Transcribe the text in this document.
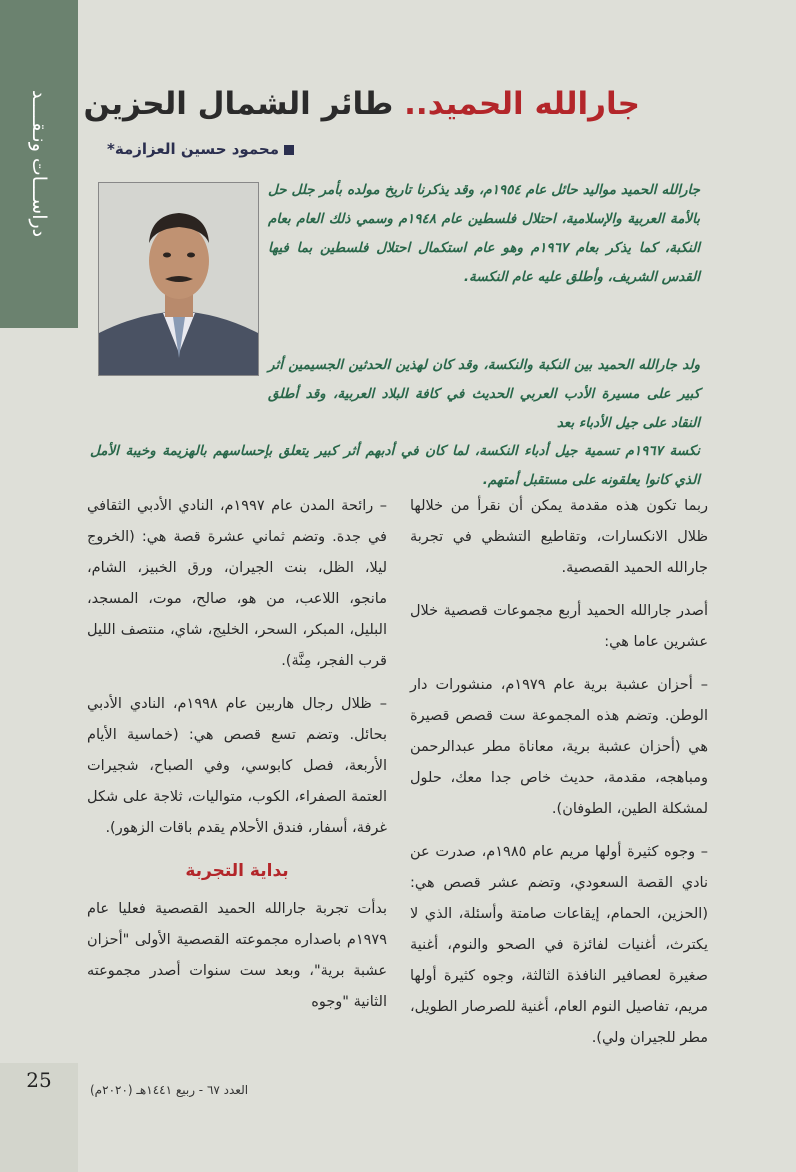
دراســـات ونـقــــد	جارالله الحميد.. طائر الشمال الحزين
محمود حسين العزازمة*

جارالله الحميد مواليد حائل عام ١٩٥٤م، وقد يذكرنا تاريخ مولده بأمر جلل حل بالأمة العربية والإسلامية، احتلال فلسطين عام ١٩٤٨م وسمي ذلك العام بعام النكبة، كما يذكر بعام ١٩٦٧م وهو عام استكمال احتلال فلسطين بما فيها القدس الشريف، وأطلق عليه عام النكسة.

ولد جارالله الحميد بين النكبة والنكسة، وقد كان لهذين الحدثين الجسيمين أثر كبير على مسيرة الأدب العربي الحديث في كافة البلاد العربية، وقد أطلق النقاد على جيل الأدباء بعد

نكسة ١٩٦٧م تسمية جيل أدباء النكسة، لما كان في أدبهم أثر كبير يتعلق بإحساسهم بالهزيمة وخيبة الأمل الذي كانوا يعلقونه على مستقبل أمتهم.

ربما تكون هذه مقدمة يمكن أن نقرأ من خلالها ظلال الانكسارات، وتقاطيع التشظي في تجربة جارالله الحميد القصصية.

أصدر جارالله الحميد أربع مجموعات قصصية خلال عشرين عاما هي:

– أحزان عشبة برية عام ١٩٧٩م، منشورات دار الوطن. وتضم هذه المجموعة ست قصص قصيرة هي (أحزان عشبة برية، معاناة مطر عبدالرحمن ومباهجه، مقدمة، حديث خاص جدا معك، حلول لمشكلة الطين، الطوفان).

– وجوه كثيرة أولها مريم عام ١٩٨٥م، صدرت عن نادي القصة السعودي، وتضم عشر قصص هي: (الحزين، الحمام، إيقاعات صامتة وأسئلة، الذي لا يكترث، أغنيات لفائزة في الصحو والنوم، أغنية صغيرة لعصافير النافذة الثالثة، وجوه كثيرة أولها مريم، تفاصيل النوم العام، أغنية للصرصار الطويل، مطر للجيران ولي).

– رائحة المدن عام ١٩٩٧م، النادي الأدبي الثقافي في جدة. وتضم ثماني عشرة قصة هي: (الخروج ليلا، الظل، بنت الجيران، ورق الخبيز، الشام، مانجو، اللاعب، من هو، صالح، موت، المسجد، البليل، المبكر، السحر، الخليج، شاي، منتصف الليل قرب الفجر، مِنَّة).

– ظلال رجال هاربين عام ١٩٩٨م، النادي الأدبي بحائل. وتضم تسع قصص هي: (خماسية الأيام الأربعة، فصل كابوسي، وفي الصباح، شجيرات العتمة الصفراء، الكوب، متواليات، ثلاجة على شكل غرفة، أسفار، فندق الأحلام يقدم باقات الزهور).

بداية التجربة

بدأت تجربة جارالله الحميد القصصية فعليا عام ١٩٧٩م باصداره مجموعته القصصية الأولى "أحزان عشبة برية"، وبعد ست سنوات أصدر مجموعته الثانية "وجوه

25	العدد ٦٧ - ربيع ١٤٤١هـ (٢٠٢٠م)
